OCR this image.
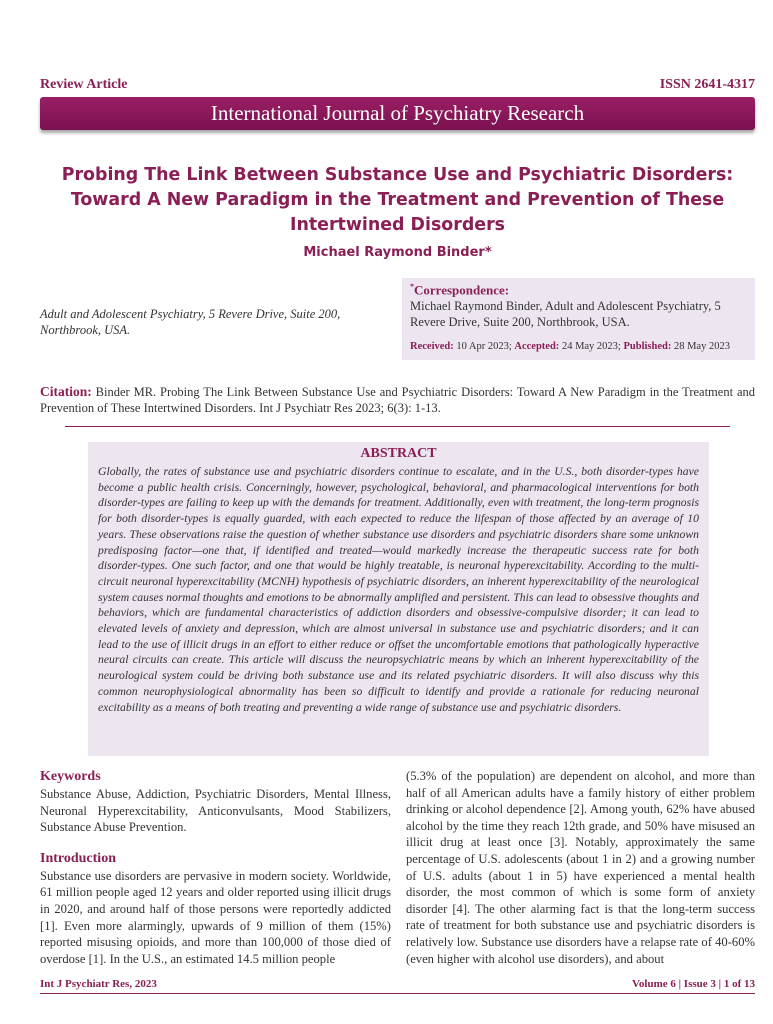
Review Article	ISSN 2641-4317
International Journal of Psychiatry Research
Probing The Link Between Substance Use and Psychiatric Disorders: Toward A New Paradigm in the Treatment and Prevention of These Intertwined Disorders
Michael Raymond Binder*
Adult and Adolescent Psychiatry, 5 Revere Drive, Suite 200, Northbrook, USA.
*Correspondence:
Michael Raymond Binder, Adult and Adolescent Psychiatry, 5 Revere Drive, Suite 200, Northbrook, USA.
Received: 10 Apr 2023; Accepted: 24 May 2023; Published: 28 May 2023
Citation: Binder MR. Probing The Link Between Substance Use and Psychiatric Disorders: Toward A New Paradigm in the Treatment and Prevention of These Intertwined Disorders. Int J Psychiatr Res 2023; 6(3): 1-13.
ABSTRACT
Globally, the rates of substance use and psychiatric disorders continue to escalate, and in the U.S., both disorder-types have become a public health crisis. Concerningly, however, psychological, behavioral, and pharmacological interventions for both disorder-types are failing to keep up with the demands for treatment. Additionally, even with treatment, the long-term prognosis for both disorder-types is equally guarded, with each expected to reduce the lifespan of those affected by an average of 10 years. These observations raise the question of whether substance use disorders and psychiatric disorders share some unknown predisposing factor—one that, if identified and treated—would markedly increase the therapeutic success rate for both disorder-types. One such factor, and one that would be highly treatable, is neuronal hyperexcitability. According to the multi-circuit neuronal hyperexcitability (MCNH) hypothesis of psychiatric disorders, an inherent hyperexcitability of the neurological system causes normal thoughts and emotions to be abnormally amplified and persistent. This can lead to obsessive thoughts and behaviors, which are fundamental characteristics of addiction disorders and obsessive-compulsive disorder; it can lead to elevated levels of anxiety and depression, which are almost universal in substance use and psychiatric disorders; and it can lead to the use of illicit drugs in an effort to either reduce or offset the uncomfortable emotions that pathologically hyperactive neural circuits can create. This article will discuss the neuropsychiatric means by which an inherent hyperexcitability of the neurological system could be driving both substance use and its related psychiatric disorders. It will also discuss why this common neurophysiological abnormality has been so difficult to identify and provide a rationale for reducing neuronal excitability as a means of both treating and preventing a wide range of substance use and psychiatric disorders.
Keywords
Substance Abuse, Addiction, Psychiatric Disorders, Mental Illness, Neuronal Hyperexcitability, Anticonvulsants, Mood Stabilizers, Substance Abuse Prevention.
Introduction
Substance use disorders are pervasive in modern society. Worldwide, 61 million people aged 12 years and older reported using illicit drugs in 2020, and around half of those persons were reportedly addicted [1]. Even more alarmingly, upwards of 9 million of them (15%) reported misusing opioids, and more than 100,000 of those died of overdose [1]. In the U.S., an estimated 14.5 million people
(5.3% of the population) are dependent on alcohol, and more than half of all American adults have a family history of either problem drinking or alcohol dependence [2]. Among youth, 62% have abused alcohol by the time they reach 12th grade, and 50% have misused an illicit drug at least once [3]. Notably, approximately the same percentage of U.S. adolescents (about 1 in 2) and a growing number of U.S. adults (about 1 in 5) have experienced a mental health disorder, the most common of which is some form of anxiety disorder [4]. The other alarming fact is that the long-term success rate of treatment for both substance use and psychiatric disorders is relatively low. Substance use disorders have a relapse rate of 40-60% (even higher with alcohol use disorders), and about
Int J Psychiatr Res, 2023	Volume 6 | Issue 3 | 1 of 13
